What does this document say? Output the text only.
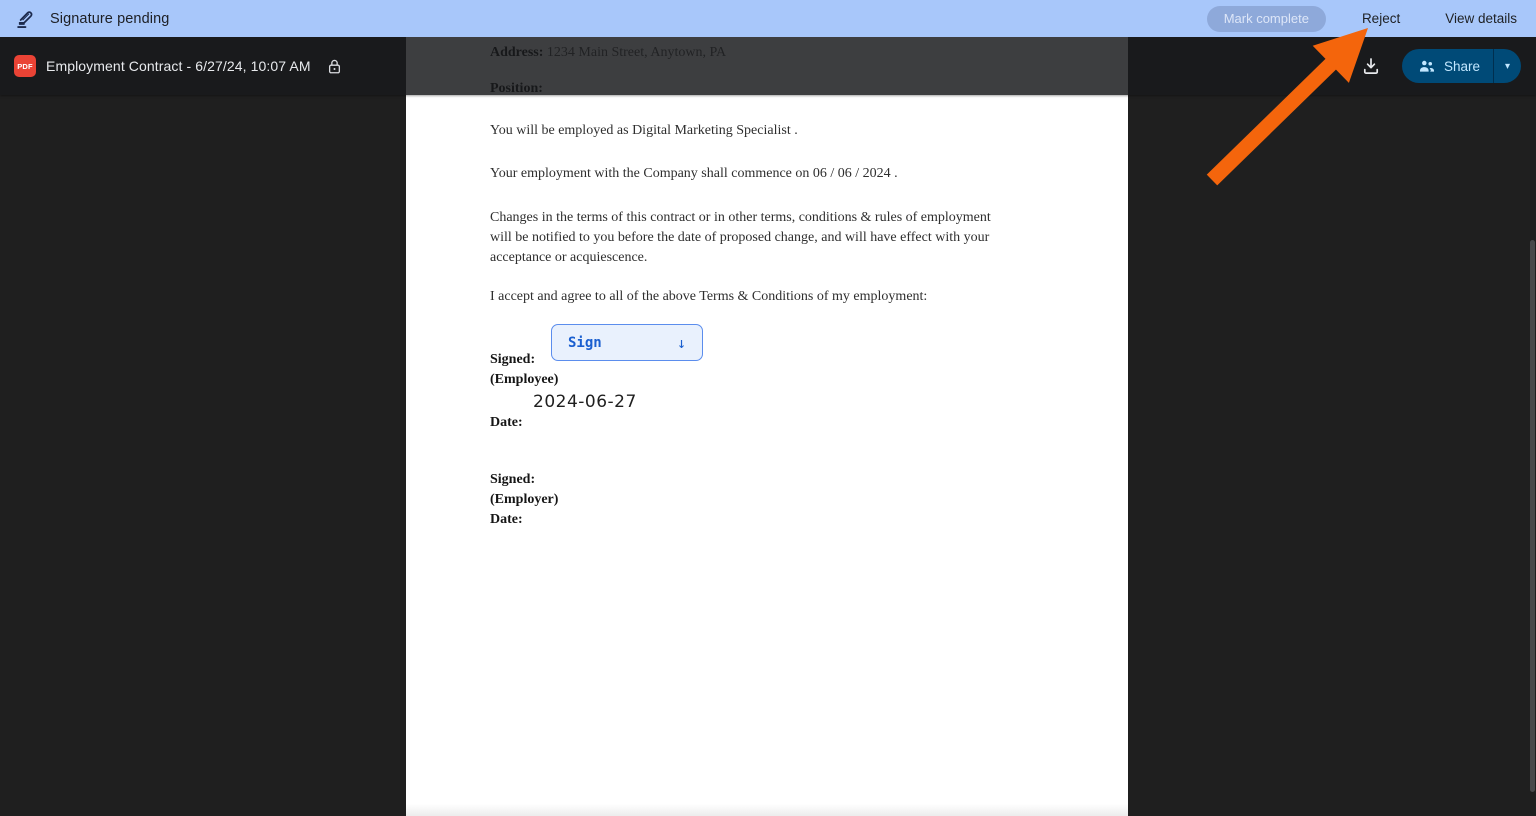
You will be employed as Digital Marketing Specialist .
Your employment with the Company shall commence on 06 / 06 / 2024 .
Changes in the terms of this contract or in other terms, conditions & rules of employment will be notified to you before the date of proposed change, and will have effect with your acceptance or acquiescence.
I accept and agree to all of the above Terms & Conditions of my employment:
Sign	↓
Signed:
(Employee)
2024-06-27
Date:
Signed:
(Employer)
Date:
PDF Employment Contract - 6/27/24, 10:07 AM	Share	▾
Signature pending	Mark complete	Reject	View details
